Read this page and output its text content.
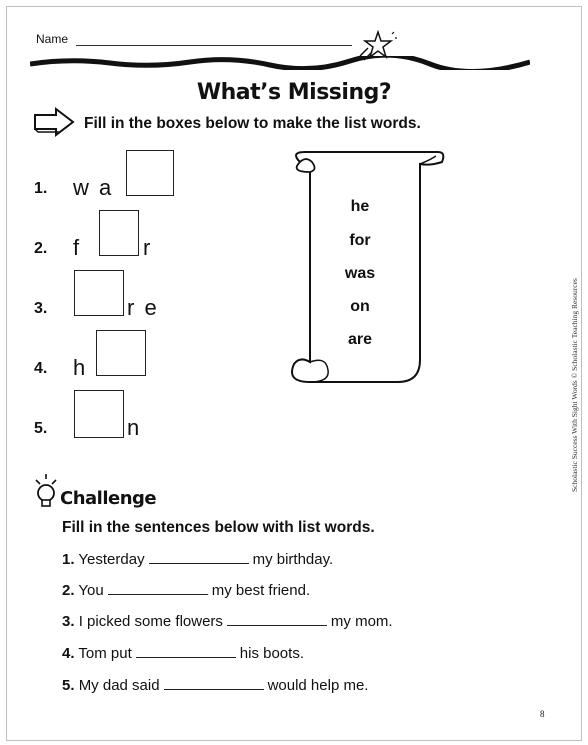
Name
What’s Missing?
Fill in the boxes below to make the list words.
1. w a
2. f	r
3.	r e
4. h
5.	n
he
for
was
on
are
Challenge
Fill in the sentences below with list words.
1. Yesterday	my birthday.
2. You	my best friend.
3. I picked some flowers	my mom.
4. Tom put	his boots.
5. My dad said	would help me.
Scholastic Success With Sight Words © Scholastic Teaching Resources
8
